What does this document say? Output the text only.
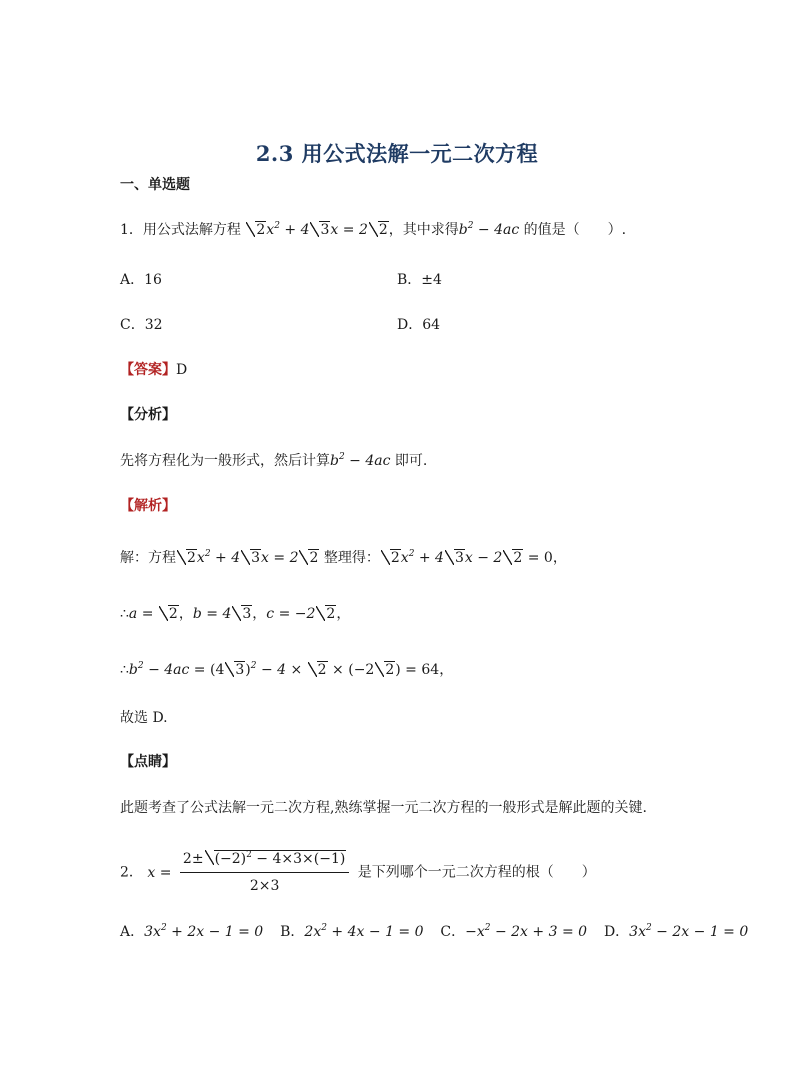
2.3 用公式法解一元二次方程
一、单选题
1．用公式法解方程 $2x^2 + 4$ 3x = 2 2，其中求得$b^2 - 4ac$ 的值是（　　）.
A．16	B．±4
C．32	D．64
【答案】D
【分析】
先将方程化为一般形式，然后计算$b^2 - 4ac$ 即可.
【解析】
解：方程 $2x^2 + 4$ 3x = 2 2 整理得： $2x^2 + 4$ 3x − 2 2 = 0，
∴a = 2，b = 4 3，c = −2 2，
$\therefore b^2 - 4ac = (4$ 3)$^2$ − 4 × 2 × (−2 2) = 64，
故选 D.
【点睛】
此题考查了公式法解一元二次方程,熟练掌握一元二次方程的一般形式是解此题的关键.
2． $x = \frac{2\pm (-2)^2 - 4\times 3\times(-1)}{2\times 3}$ 是下列哪个一元二次方程的根（　　）
A．$3x^2 + 2x - 1 = 0$ B．$2x^2 + 4x - 1 = 0$ C．$-x^2 - 2x + 3 = 0$ D．$3x^2 - 2x - 1 = 0$
